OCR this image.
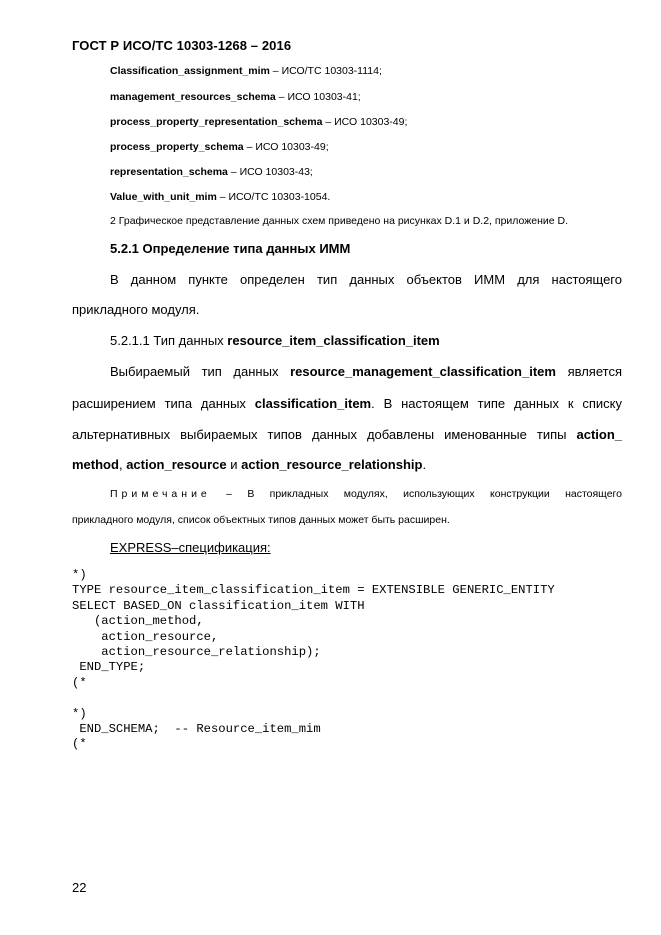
ГОСТ Р ИСО/ТС 10303-1268 – 2016
Classification_assignment_mim – ИСО/ТС 10303-1114;
management_resources_schema – ИСО 10303-41;
process_property_representation_schema – ИСО 10303-49;
process_property_schema – ИСО 10303-49;
representation_schema – ИСО 10303-43;
Value_with_unit_mim – ИСО/ТС 10303-1054.
2 Графическое представление данных схем приведено на рисунках D.1 и D.2, приложение D.
5.2.1 Определение типа данных ИММ
В данном пункте определен тип данных объектов ИММ для настоящего
прикладного модуля.
5.2.1.1 Тип данных resource_item_classification_item
Выбираемый тип данных resource_management_classification_item является
расширением типа данных classification_item. В настоящем типе данных к списку
альтернативных выбираемых типов данных добавлены именованные типы action_
method, action_resource и action_resource_relationship.
Примечание – В прикладных модулях, использующих конструкции настоящего
прикладного модуля, список объектных типов данных может быть расширен.
EXPRESS–спецификация:
*)
TYPE resource_item_classification_item = EXTENSIBLE GENERIC_ENTITY
SELECT BASED_ON classification_item WITH
(action_method,
action_resource,
action_resource_relationship);
END_TYPE;
(*

*)
END_SCHEMA;  -- Resource_item_mim
(*
22
